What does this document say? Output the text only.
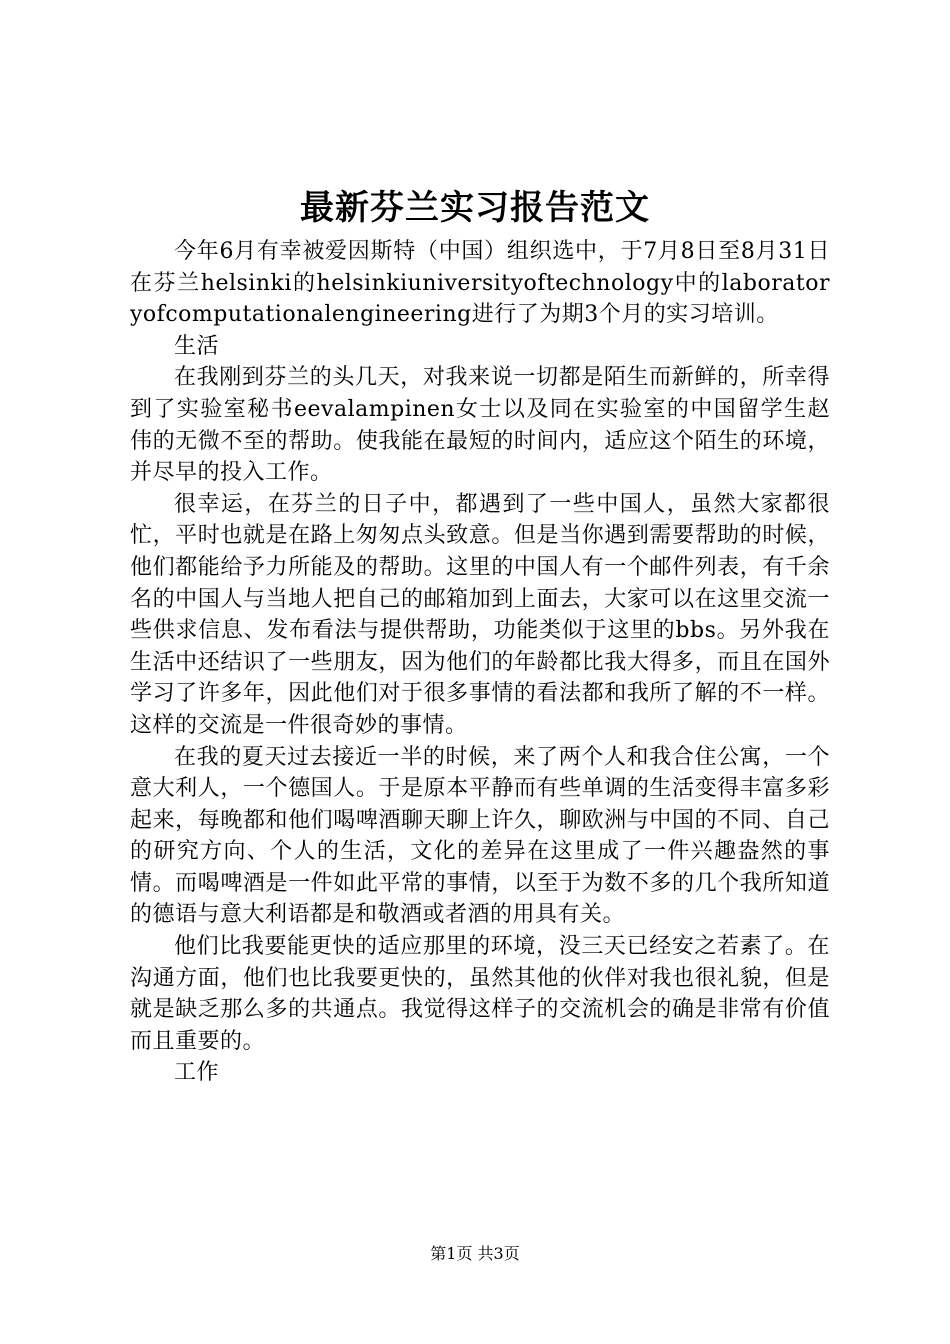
最新芬兰实习报告范文

今年6月有幸被爱因斯特（中国）组织选中，于7月8日至8月31日在芬兰helsinki的helsinkiuniversityoftechnology中的laboratoryofcomputationalengineering进行了为期3个月的实习培训。

生活

在我刚到芬兰的头几天，对我来说一切都是陌生而新鲜的，所幸得到了实验室秘书eevalampinen女士以及同在实验室的中国留学生赵伟的无微不至的帮助。使我能在最短的时间内，适应这个陌生的环境，并尽早的投入工作。

很幸运，在芬兰的日子中，都遇到了一些中国人，虽然大家都很忙，平时也就是在路上匆匆点头致意。但是当你遇到需要帮助的时候，他们都能给予力所能及的帮助。这里的中国人有一个邮件列表，有千余名的中国人与当地人把自己的邮箱加到上面去，大家可以在这里交流一些供求信息、发布看法与提供帮助，功能类似于这里的bbs。另外我在生活中还结识了一些朋友，因为他们的年龄都比我大得多，而且在国外学习了许多年，因此他们对于很多事情的看法都和我所了解的不一样。这样的交流是一件很奇妙的事情。

在我的夏天过去接近一半的时候，来了两个人和我合住公寓，一个意大利人，一个德国人。于是原本平静而有些单调的生活变得丰富多彩起来，每晚都和他们喝啤酒聊天聊上许久，聊欧洲与中国的不同、自己的研究方向、个人的生活，文化的差异在这里成了一件兴趣盎然的事情。而喝啤酒是一件如此平常的事情，以至于为数不多的几个我所知道的德语与意大利语都是和敬酒或者酒的用具有关。

他们比我要能更快的适应那里的环境，没三天已经安之若素了。在沟通方面，他们也比我要更快的，虽然其他的伙伴对我也很礼貌，但是就是缺乏那么多的共通点。我觉得这样子的交流机会的确是非常有价值而且重要的。

工作

第1页 共3页
